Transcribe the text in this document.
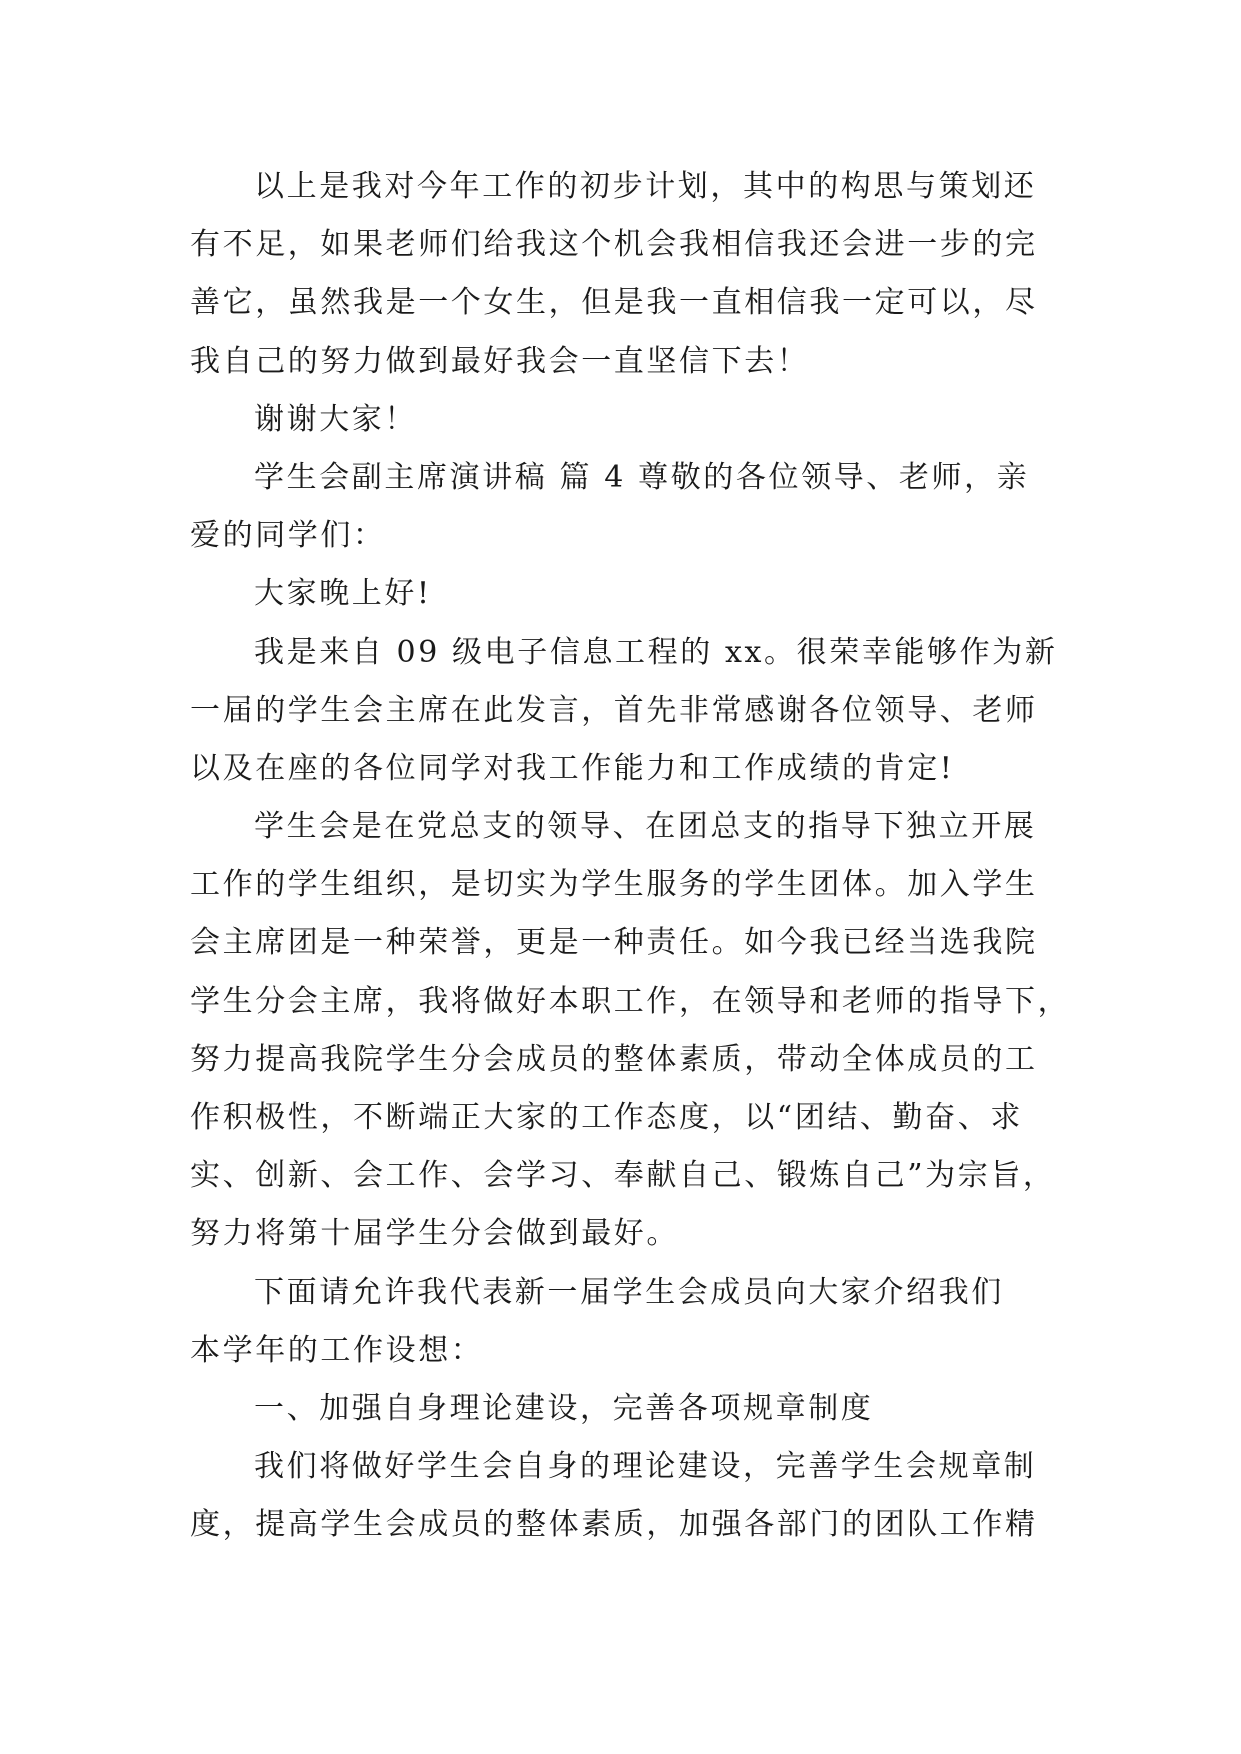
以上是我对今年工作的初步计划，其中的构思与策划还
有不足，如果老师们给我这个机会我相信我还会进一步的完
善它，虽然我是一个女生，但是我一直相信我一定可以，尽
我自己的努力做到最好我会一直坚信下去！
谢谢大家！
学生会副主席演讲稿 篇 4 尊敬的各位领导、老师，亲
爱的同学们：
大家晚上好!
我是来自 09 级电子信息工程的 xx。很荣幸能够作为新
一届的学生会主席在此发言，首先非常感谢各位领导、老师
以及在座的各位同学对我工作能力和工作成绩的肯定!
学生会是在党总支的领导、在团总支的指导下独立开展
工作的学生组织，是切实为学生服务的学生团体。加入学生
会主席团是一种荣誉，更是一种责任。如今我已经当选我院
学生分会主席，我将做好本职工作，在领导和老师的指导下，
努力提高我院学生分会成员的整体素质，带动全体成员的工
作积极性，不断端正大家的工作态度，以“团结、勤奋、求
实、创新、会工作、会学习、奉献自己、锻炼自己”为宗旨，
努力将第十届学生分会做到最好。
下面请允许我代表新一届学生会成员向大家介绍我们
本学年的工作设想：
一、加强自身理论建设，完善各项规章制度
我们将做好学生会自身的理论建设，完善学生会规章制
度，提高学生会成员的整体素质，加强各部门的团队工作精
